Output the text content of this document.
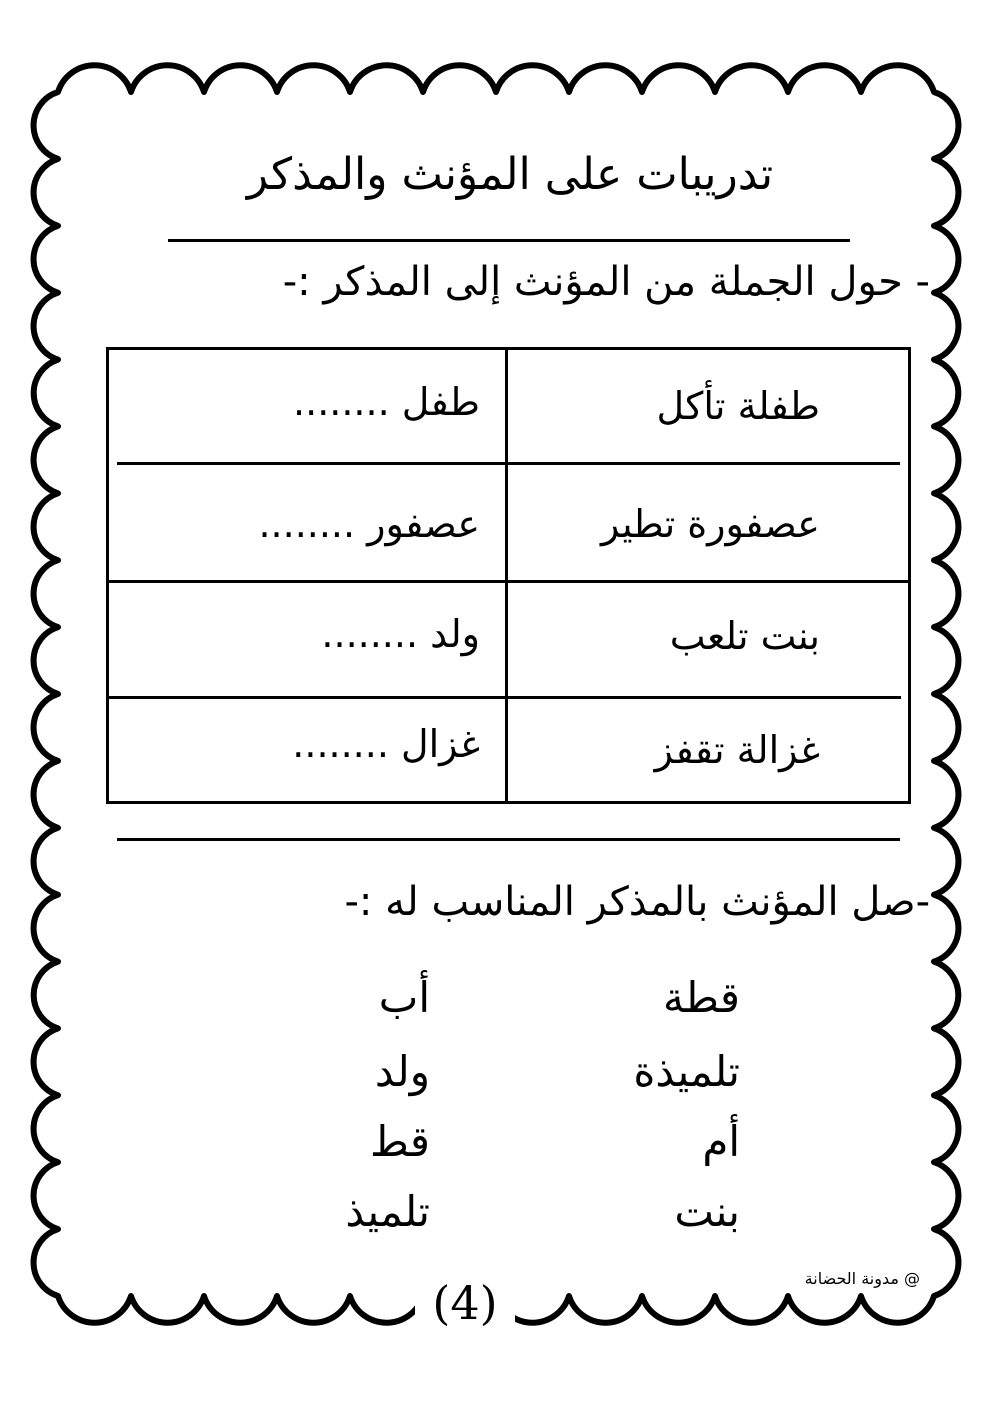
تدريبات على المؤنث والمذكر
- حول الجملة من المؤنث إلى المذكر :-
طفلة تأكل
طفل ........
عصفورة تطير
عصفور ........
بنت تلعب
ولد ........
غزالة تقفز
غزال ........
-صل المؤنث بالمذكر المناسب له :-
قطة
تلميذة
أم
بنت
أب
ولد
قط
تلميذ
@ مدونة الحضانة
(4)
